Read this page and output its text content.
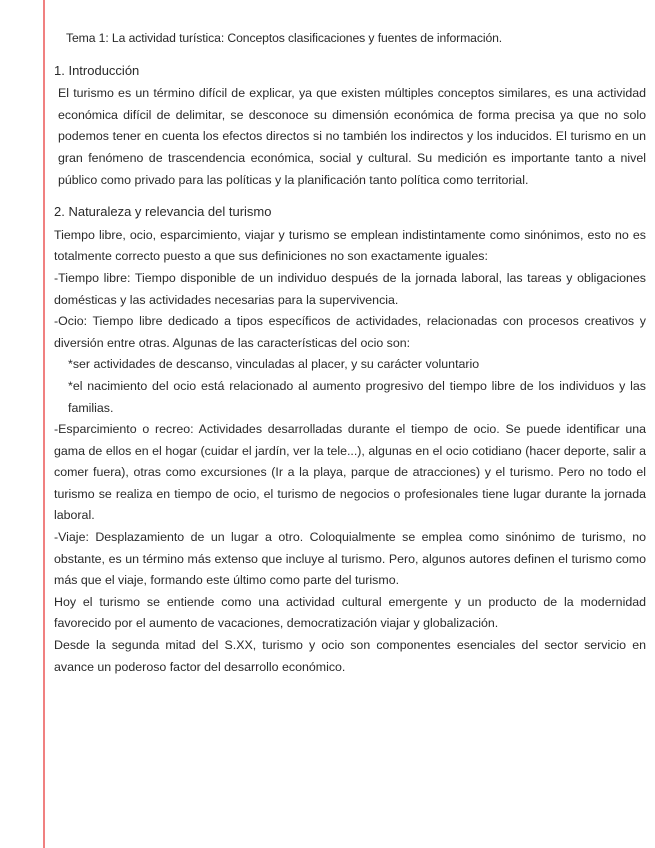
Tema 1: La actividad turística: Conceptos clasificaciones y fuentes de información.
1. Introducción

El turismo es un término difícil de explicar, ya que existen múltiples conceptos similares, es una actividad económica difícil de delimitar, se desconoce su dimensión económica de forma precisa ya que no solo podemos tener en cuenta los efectos directos si no también los indirectos y los inducidos. El turismo en un gran fenómeno de trascendencia económica, social y cultural. Su medición es importante tanto a nivel público como privado para las políticas y la planificación tanto política como territorial.

2. Naturaleza y relevancia del turismo

Tiempo libre, ocio, esparcimiento, viajar y turismo se emplean indistintamente como sinónimos, esto no es totalmente correcto puesto a que sus definiciones no son exactamente iguales:

-Tiempo libre: Tiempo disponible de un individuo después de la jornada laboral, las tareas y obligaciones domésticas y las actividades necesarias para la supervivencia.

-Ocio: Tiempo libre dedicado a tipos específicos de actividades, relacionadas con procesos creativos y diversión entre otras. Algunas de las características del ocio son:

*ser actividades de descanso, vinculadas al placer, y su carácter voluntario

*el nacimiento del ocio está relacionado al aumento progresivo del tiempo libre de los individuos y las familias.

-Esparcimiento o recreo: Actividades desarrolladas durante el tiempo de ocio. Se puede identificar una gama de ellos en el hogar (cuidar el jardín, ver la tele...), algunas en el ocio cotidiano (hacer deporte, salir a comer fuera), otras como excursiones (Ir a la playa, parque de atracciones) y el turismo. Pero no todo el turismo se realiza en tiempo de ocio, el turismo de negocios o profesionales tiene lugar durante la jornada laboral.

-Viaje: Desplazamiento de un lugar a otro. Coloquialmente se emplea como sinónimo de turismo, no obstante, es un término más extenso que incluye al turismo. Pero, algunos autores definen el turismo como más que el viaje, formando este último como parte del turismo.

Hoy el turismo se entiende como una actividad cultural emergente y un producto de la modernidad favorecido por el aumento de vacaciones, democratización viajar y globalización.

Desde la segunda mitad del S.XX, turismo y ocio son componentes esenciales del sector servicio en avance un poderoso factor del desarrollo económico.
